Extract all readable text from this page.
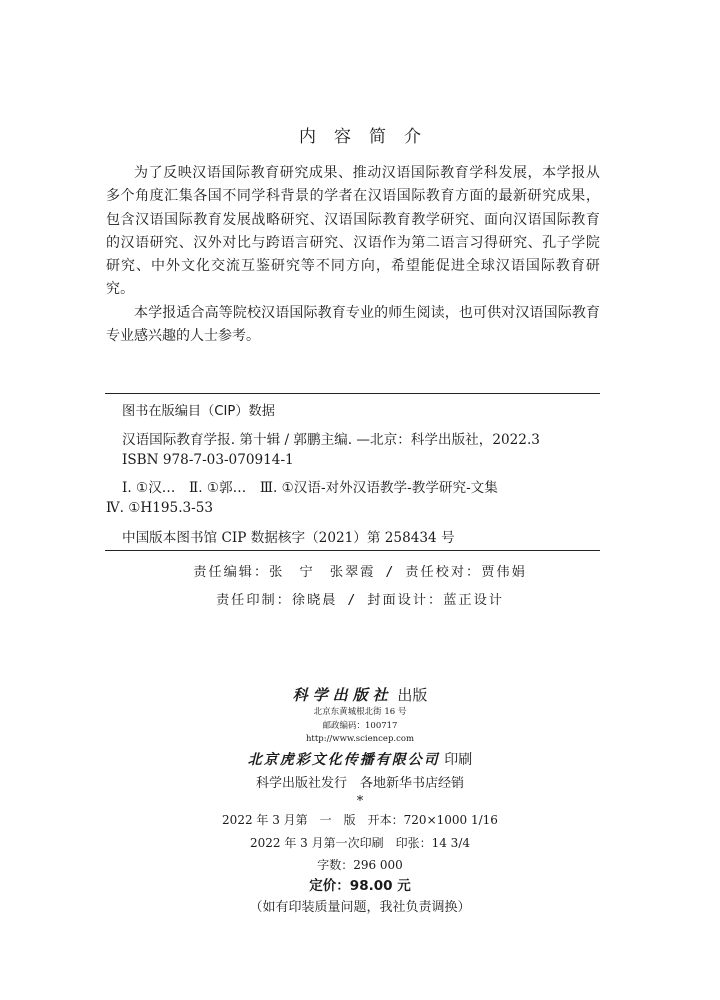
内容简介

为了反映汉语国际教育研究成果、推动汉语国际教育学科发展，本学报从多个角度汇集各国不同学科背景的学者在汉语国际教育方面的最新研究成果，包含汉语国际教育发展战略研究、汉语国际教育教学研究、面向汉语国际教育的汉语研究、汉外对比与跨语言研究、汉语作为第二语言习得研究、孔子学院研究、中外文化交流互鉴研究等不同方向，希望能促进全球汉语国际教育研究。

本学报适合高等院校汉语国际教育专业的师生阅读，也可供对汉语国际教育专业感兴趣的人士参考。

图书在版编目（CIP）数据
汉语国际教育学报. 第十辑 / 郭鹏主编. —北京：科学出版社，2022.3
ISBN 978-7-03-070914-1
Ⅰ. ①汉…　Ⅱ. ①郭…　Ⅲ. ①汉语-对外汉语教学-教学研究-文集
Ⅳ. ①H195.3-53
中国版本图书馆 CIP 数据核字（2021）第 258434 号
责任编辑：张　宁　张翠霞 / 责任校对：贾伟娟
责任印制：徐晓晨 / 封面设计：蓝正设计
科学出版社 出版
北京东黄城根北街 16 号
邮政编码：100717
http://www.sciencep.com
北京虎彩文化传播有限公司 印刷
科学出版社发行　各地新华书店经销
*
2022 年 3 月第　一　版　开本：720×1000 1/16
2022 年 3 月第一次印刷　印张：14 3/4
字数：296 000
定价：98.00 元
（如有印装质量问题，我社负责调换）
